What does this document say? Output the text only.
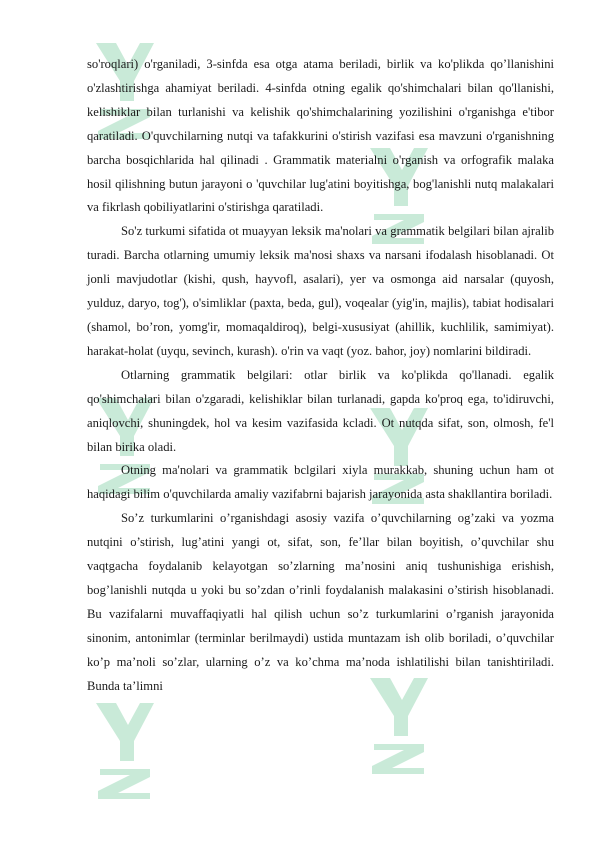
so'roqlari) o'rganiladi, 3-sinfda esa otga atama beriladi, birlik va ko'plikda qo’llanishini o'zlashtirishga ahamiyat beriladi. 4-sinfda otning egalik qo'shimchalari bilan qo'llanishi, kelishiklar bilan turlanishi va kelishik qo'shimchalarining yozilishini o'rganishga e'tibor qaratiladi. O'quvchilarning nutqi va tafakkurini o'stirish vazifasi esa mavzuni o'rganishning barcha bosqichlarida hal qilinadi . Grammatik materialni o'rganish va orfografik malaka hosil qilishning butun jarayoni o 'quvchilar lug'atini boyitishga, bog'lanishli nutq malakalari va fikrlash qobiliyatlarini o'stirishga qaratiladi.

So'z turkumi sifatida ot muayyan leksik ma'nolari va grammatik belgilari bilan ajralib turadi. Barcha otlarning umumiy leksik ma'nosi shaxs va narsani ifodalash hisoblanadi. Ot jonli mavjudotlar (kishi, qush, hayvofl, asalari), yer va osmonga aid narsalar (quyosh, yulduz, daryo, tog'), o'simliklar (paxta, beda, gul), voqealar (yig'in, majlis), tabiat hodisalari (shamol, bo’ron, yomg'ir, momaqaldiroq), belgi-xususiyat (ahillik, kuchlilik, samimiyat). harakat-holat (uyqu, sevinch, kurash). o'rin va vaqt (yoz. bahor, joy) nomlarini bildiradi.

Otlarning grammatik belgilari: otlar birlik va ko'plikda qo'llanadi. egalik qo'shimchalari bilan o'zgaradi, kelishiklar bilan turlanadi, gapda ko'proq ega, to'idiruvchi, aniqlovchi, shuningdek, hol va kesim vazifasida kcladi. Ot nutqda sifat, son, olmosh, fe'l bilan birika oladi.

Otning ma'nolari va grammatik bclgilari xiyla murakkab, shuning uchun ham ot haqidagi bilim o'quvchilarda amaliy vazifabrni bajarish jarayonida asta shakllantira boriladi.

So’z turkumlarini o’rganishdagi asosiy vazifa o’quvchilarning og’zaki va yozma nutqini o’stirish, lug’atini yangi ot, sifat, son, fe’llar bilan boyitish, o’quvchilar shu vaqtgacha foydalanib kelayotgan so’zlarning ma’nosini aniq tushunishiga erishish, bog’lanishli nutqda u yoki bu so’zdan o’rinli foydalanish malakasini o’stirish hisoblanadi. Bu vazifalarni muvaffaqiyatli hal qilish uchun so’z turkumlarini o’rganish jarayonida sinonim, antonimlar (terminlar berilmaydi) ustida muntazam ish olib boriladi, o’quvchilar ko’p ma’noli so’zlar, ularning o’z va ko’chma ma’noda ishlatilishi bilan tanishtiriladi. Bunda ta’limni
